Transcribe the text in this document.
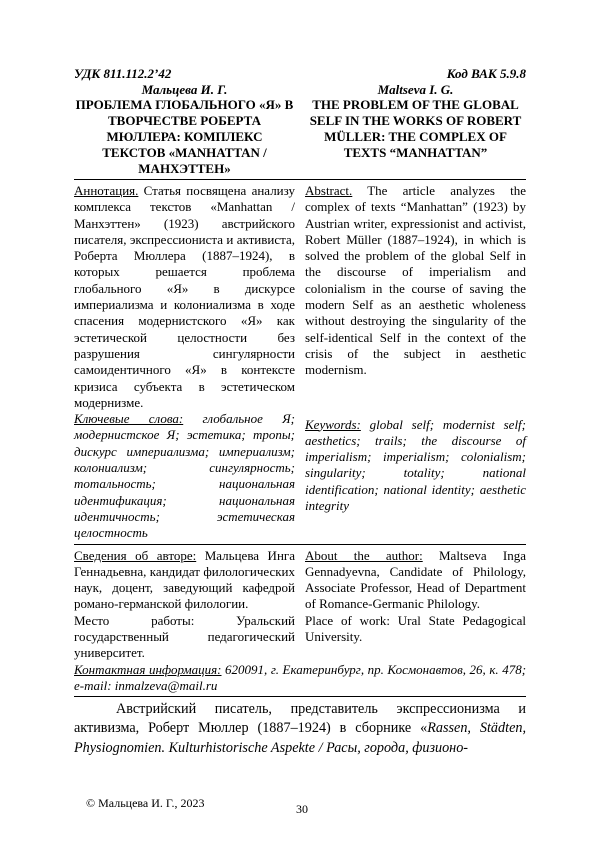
УДК 811.112.2’42	Код ВАК 5.9.8
Мальцева И. Г.
ПРОБЛЕМА ГЛОБАЛЬНОГО «Я» В ТВОРЧЕСТВЕ РОБЕРТА МЮЛЛЕРА: КОМПЛЕКС ТЕКСТОВ «MANHATTAN / МАНХЭТТЕН»
Maltseva I. G.
THE PROBLEM OF THE GLOBAL SELF IN THE WORKS OF ROBERT MÜLLER: THE COMPLEX OF TEXTS “MANHATTAN”
Аннотация. Статья посвящена анализу комплекса текстов «Manhattan / Манхэттен» (1923) австрийского писателя, экспрессиониста и активиста, Роберта Мюллера (1887–1924), в которых решается проблема глобального «Я» в дискурсе империализма и колониализма в ходе спасения модернистского «Я» как эстетической целостности без разрушения сингулярности самоидентичного «Я» в контексте кризиса субъекта в эстетическом модернизме.
Ключевые слова: глобальное Я; модернистское Я; эстетика; тропы; дискурс империализма; империализм; колониализм; сингулярность; тотальность; национальная идентификация; национальная идентичность; эстетическая целостность
Abstract. The article analyzes the complex of texts “Manhattan” (1923) by Austrian writer, expressionist and activist, Robert Müller (1887–1924), in which is solved the problem of the global Self in the discourse of imperialism and colonialism in the course of saving the modern Self as an aesthetic wholeness without destroying the singularity of the self-identical Self in the context of the crisis of the subject in aesthetic modernism.
Keywords: global self; modernist self; aesthetics; trails; the discourse of imperialism; imperialism; colonialism; singularity; totality; national identification; national identity; aesthetic integrity
Сведения об авторе: Мальцева Инга Геннадьевна, кандидат филологических наук, доцент, заведующий кафедрой романо-германской филологии.
Место работы: Уральский государственный педагогический университет.
About the author: Maltseva Inga Gennadyevna, Candidate of Philology, Associate Professor, Head of Department of Romance-Germanic Philology.
Place of work: Ural State Pedagogical University.
Контактная информация: 620091, г. Екатеринбург, пр. Космонавтов, 26, к. 478; e-mail: inmalzeva@mail.ru
Австрийский писатель, представитель экспрессионизма и активизма, Роберт Мюллер (1887–1924) в сборнике «Rassen, Städten, Physiognomien. Kulturhistorische Aspekte / Расы, города, физионо-
© Мальцева И. Г., 2023	30
